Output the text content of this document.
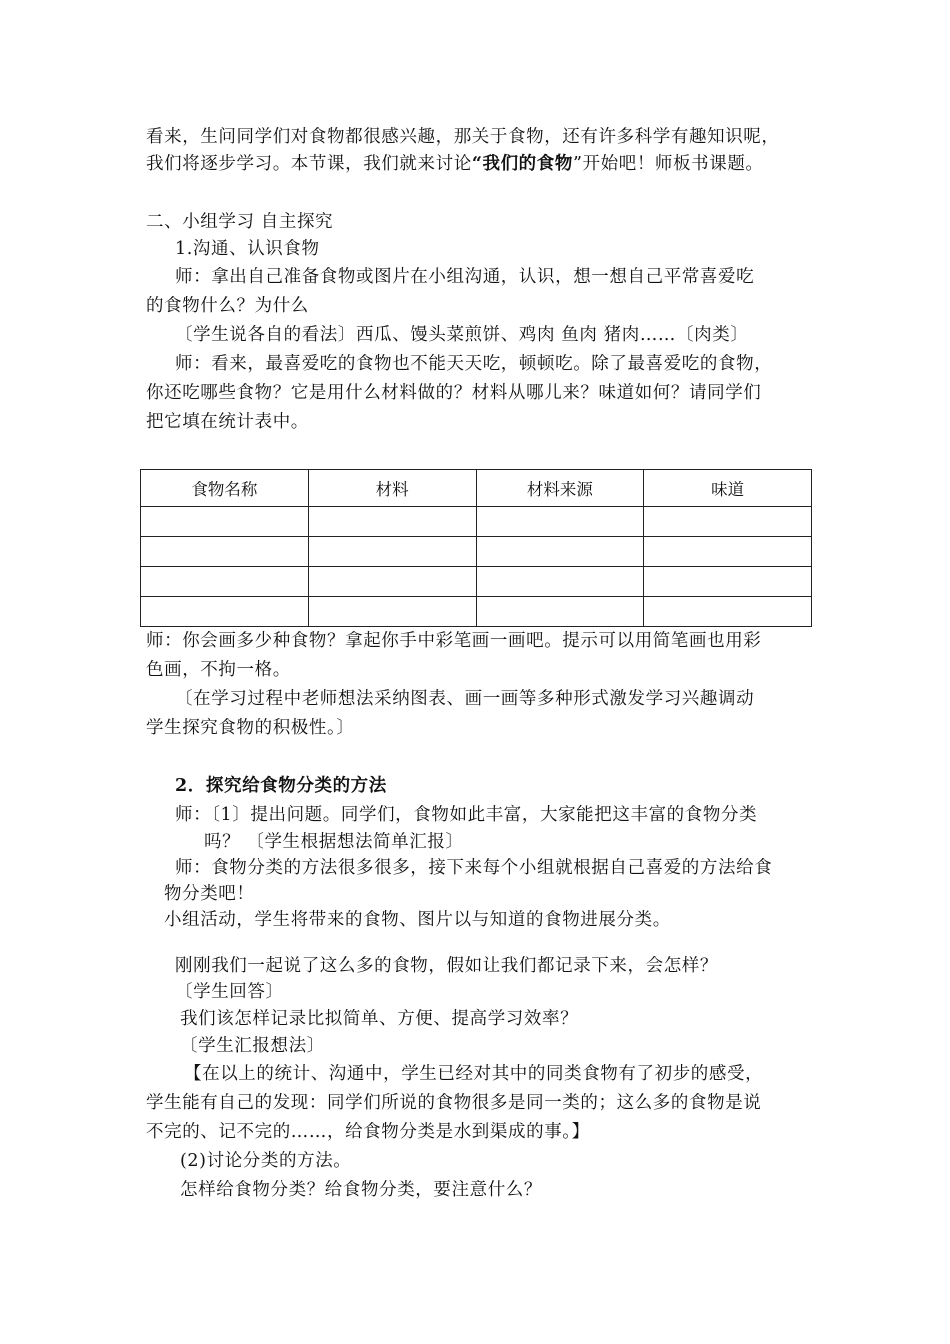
看来，生问同学们对食物都很感兴趣，那关于食物，还有许多科学有趣知识呢，
我们将逐步学习。本节课，我们就来讨论“我们的食物”开始吧！师板书课题。
二、小组学习 自主探究
1.沟通、认识食物
师：拿出自己准备食物或图片在小组沟通，认识，想一想自己平常喜爱吃
的食物什么？为什么
〔学生说各自的看法〕西瓜、馒头菜煎饼、鸡肉 鱼肉 猪肉……〔肉类〕
师：看来，最喜爱吃的食物也不能天天吃，顿顿吃。除了最喜爱吃的食物，
你还吃哪些食物？它是用什么材料做的？材料从哪儿来？味道如何？请同学们
把它填在统计表中。
食物名称	材料	材料来源	味道

师：你会画多少种食物？拿起你手中彩笔画一画吧。提示可以用简笔画也用彩
色画，不拘一格。
〔在学习过程中老师想法采纳图表、画一画等多种形式激发学习兴趣调动
学生探究食物的积极性。〕
2．探究给食物分类的方法
师：〔1〕提出问题。同学们，食物如此丰富，大家能把这丰富的食物分类
吗？ 〔学生根据想法简单汇报〕
师：食物分类的方法很多很多，接下来每个小组就根据自己喜爱的方法给食
物分类吧！
小组活动，学生将带来的食物、图片以与知道的食物进展分类。
刚刚我们一起说了这么多的食物，假如让我们都记录下来，会怎样？
〔学生回答〕
我们该怎样记录比拟简单、方便、提高学习效率？
〔学生汇报想法〕
【在以上的统计、沟通中，学生已经对其中的同类食物有了初步的感受，
学生能有自己的发现：同学们所说的食物很多是同一类的；这么多的食物是说
不完的、记不完的……，给食物分类是水到渠成的事。】
(2)讨论分类的方法。
怎样给食物分类？给食物分类，要注意什么？
